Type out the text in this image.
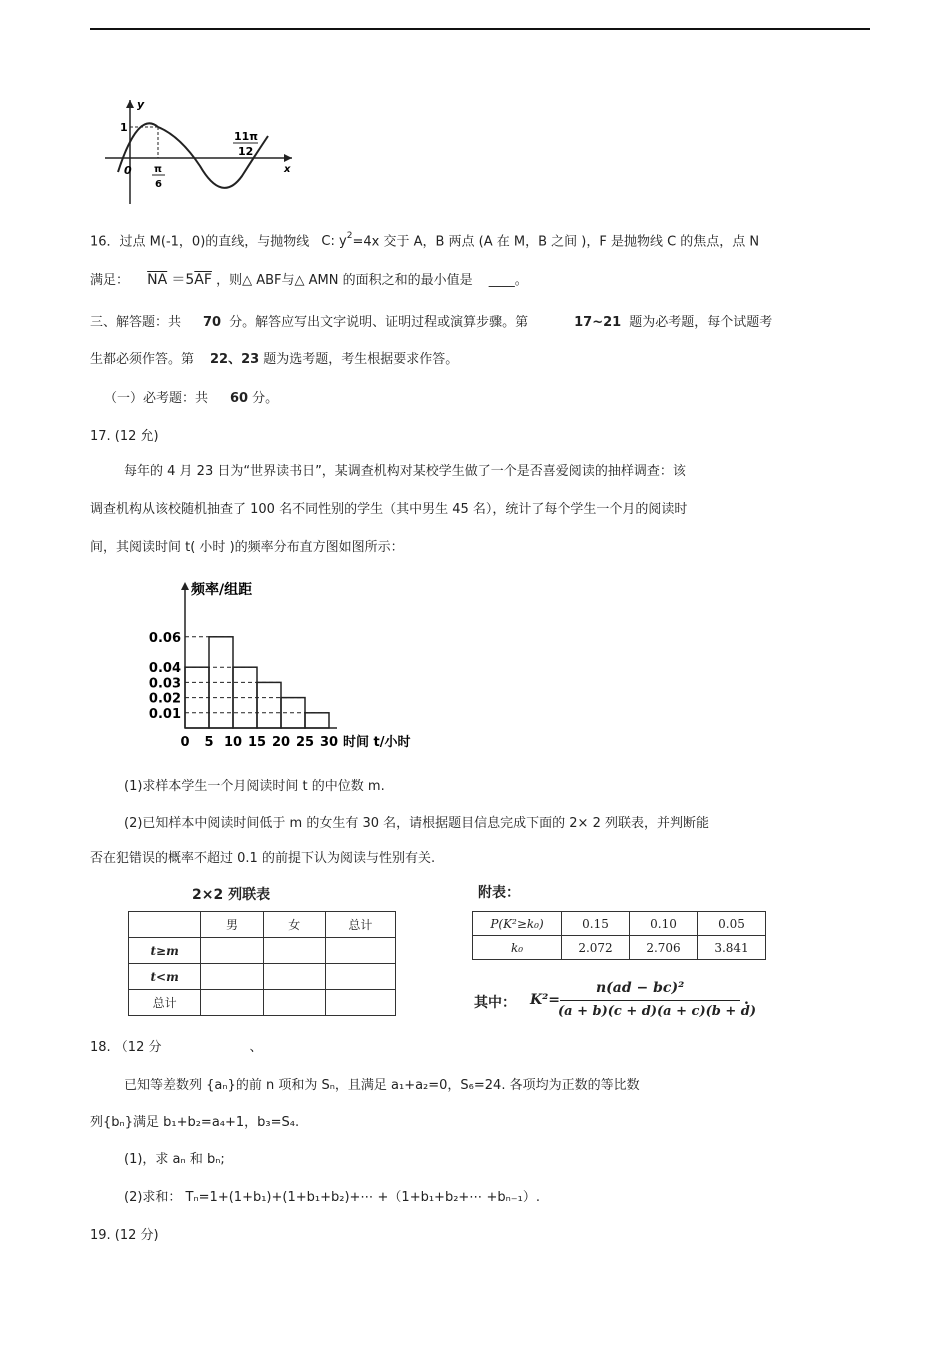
y
x
0
1
π
6
11π
12
16．过点 M(-1，0)的直线，与抛物线 C: $y^2=4x$ 交于 A，B 两点 (A 在 M，B 之间 )，F 是抛物线 C 的焦点，点 N
满足： $\overline{NA} =5\overline{AF}$ ，则△ ABF与△ AMN 的面积之和的最小值是 ____。
三、解答题：共 70 分。解答应写出文字说明、证明过程或演算步骤。第	17~21 题为必考题，每个试题考
生都必须作答。第 22、23 题为选考题，考生根据要求作答。
（一）必考题：共 60 分。
17. (12 允)
每年的 4 月 23 日为“世界读书日”，某调查机构对某校学生做了一个是否喜爱阅读的抽样调查：该
调查机构从该校随机抽查了 100 名不同性别的学生（其中男生 45 名），统计了每个学生一个月的阅读时
间，其阅读时间 t( 小时 )的频率分布直方图如图所示：
频率/组距
0.06
0.04
0.03
0.02
0.01
0 5 10 15 20 25 30 时间 t/小时
(1)求样本学生一个月阅读时间 t 的中位数 m.
(2)已知样本中阅读时间低于 m 的女生有 30 名，请根据题目信息完成下面的 2× 2 列联表，并判断能
否在犯错误的概率不超过 0.1 的前提下认为阅读与性别有关.
2×2 列联表
	男	女	总计
t≥m			
t<m			
总计			
附表：
P(K²≥k₀)	0.15	0.10	0.05
k₀	2.072	2.706	3.841
其中： K²=
n(ad − bc)²
(a + b)(c + d)(a + c)(b + d)
.
18. （12 分	、
已知等差数列 {aₙ}的前 n 项和为 Sₙ，且满足 a₁+a₂=0，S₆=24. 各项均为正数的等比数
列{bₙ}满足 b₁+b₂=a₄+1，b₃=S₄.
(1)，求 aₙ 和 bₙ;
(2)求和： Tₙ=1+(1+b₁)+(1+b₁+b₂)+⋯ +（1+b₁+b₂+⋯ +bₙ₋₁）.
19. (12 分)
